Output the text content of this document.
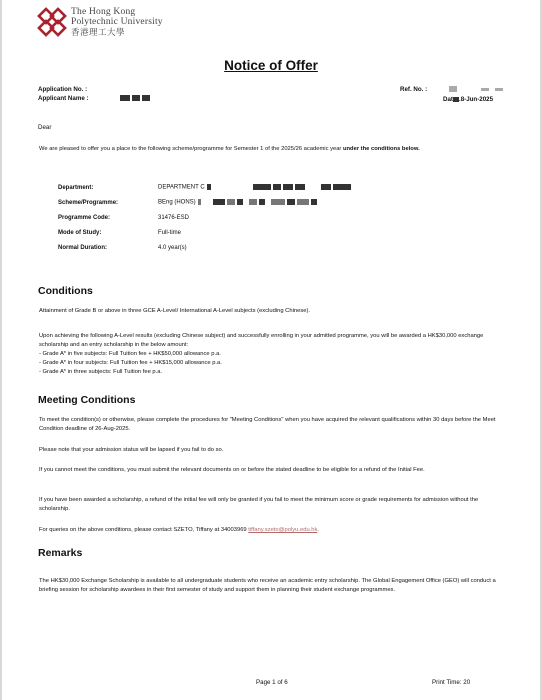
The Hong Kong
Polytechnic University
香港理工大學
Notice of Offer
Application No. :
Applicant Name :
Ref. No. :
Dat .8-Jun-2025
Dear
We are pleased to offer you a place to the following scheme/programme for Semester 1 of the 2025/26 academic year under the conditions below.
Department:	DEPARTMENT C
Scheme/Programme:	BEng (HONS)
Programme Code:	31476-ESD
Mode of Study:	Full-time
Normal Duration:	4.0 year(s)
Conditions
Attainment of Grade B or above in three GCE A-Level/ International A-Level subjects (excluding Chinese).
Upon achieving the following A-Level results (excluding Chinese subject) and successfully enrolling in your admitted programme, you will be awarded a HK$30,000 exchange scholarship and an entry scholarship in the below amount:
- Grade A* in five subjects: Full Tuition fee + HK$50,000 allowance p.a.
- Grade A* in four subjects: Full Tuition fee + HK$15,000 allowance p.a.
- Grade A* in three subjects: Full Tuition fee p.a.
Meeting Conditions
To meet the condition(s) or otherwise, please complete the procedures for "Meeting Conditions" when you have acquired the relevant qualifications within 30 days before the Meet Condition deadline of 26-Aug-2025.
Please note that your admission status will be lapsed if you fail to do so.
If you cannot meet the conditions, you must submit the relevant documents on or before the stated deadline to be eligible for a refund of the Initial Fee.
If you have been awarded a scholarship, a refund of the initial fee will only be granted if you fail to meet the minimum score or grade requirements for admission without the scholarship.
For queries on the above conditions, please contact SZETO, Tiffany at 34003969 tiffany.szeto@polyu.edu.hk.
Remarks
The HK$30,000 Exchange Scholarship is available to all undergraduate students who receive an academic entry scholarship. The Global Engagement Office (GEO) will conduct a briefing session for scholarship awardees in their first semester of study and support them in planning their student exchange programmes.
Page 1 of 6	Print Time: 20
